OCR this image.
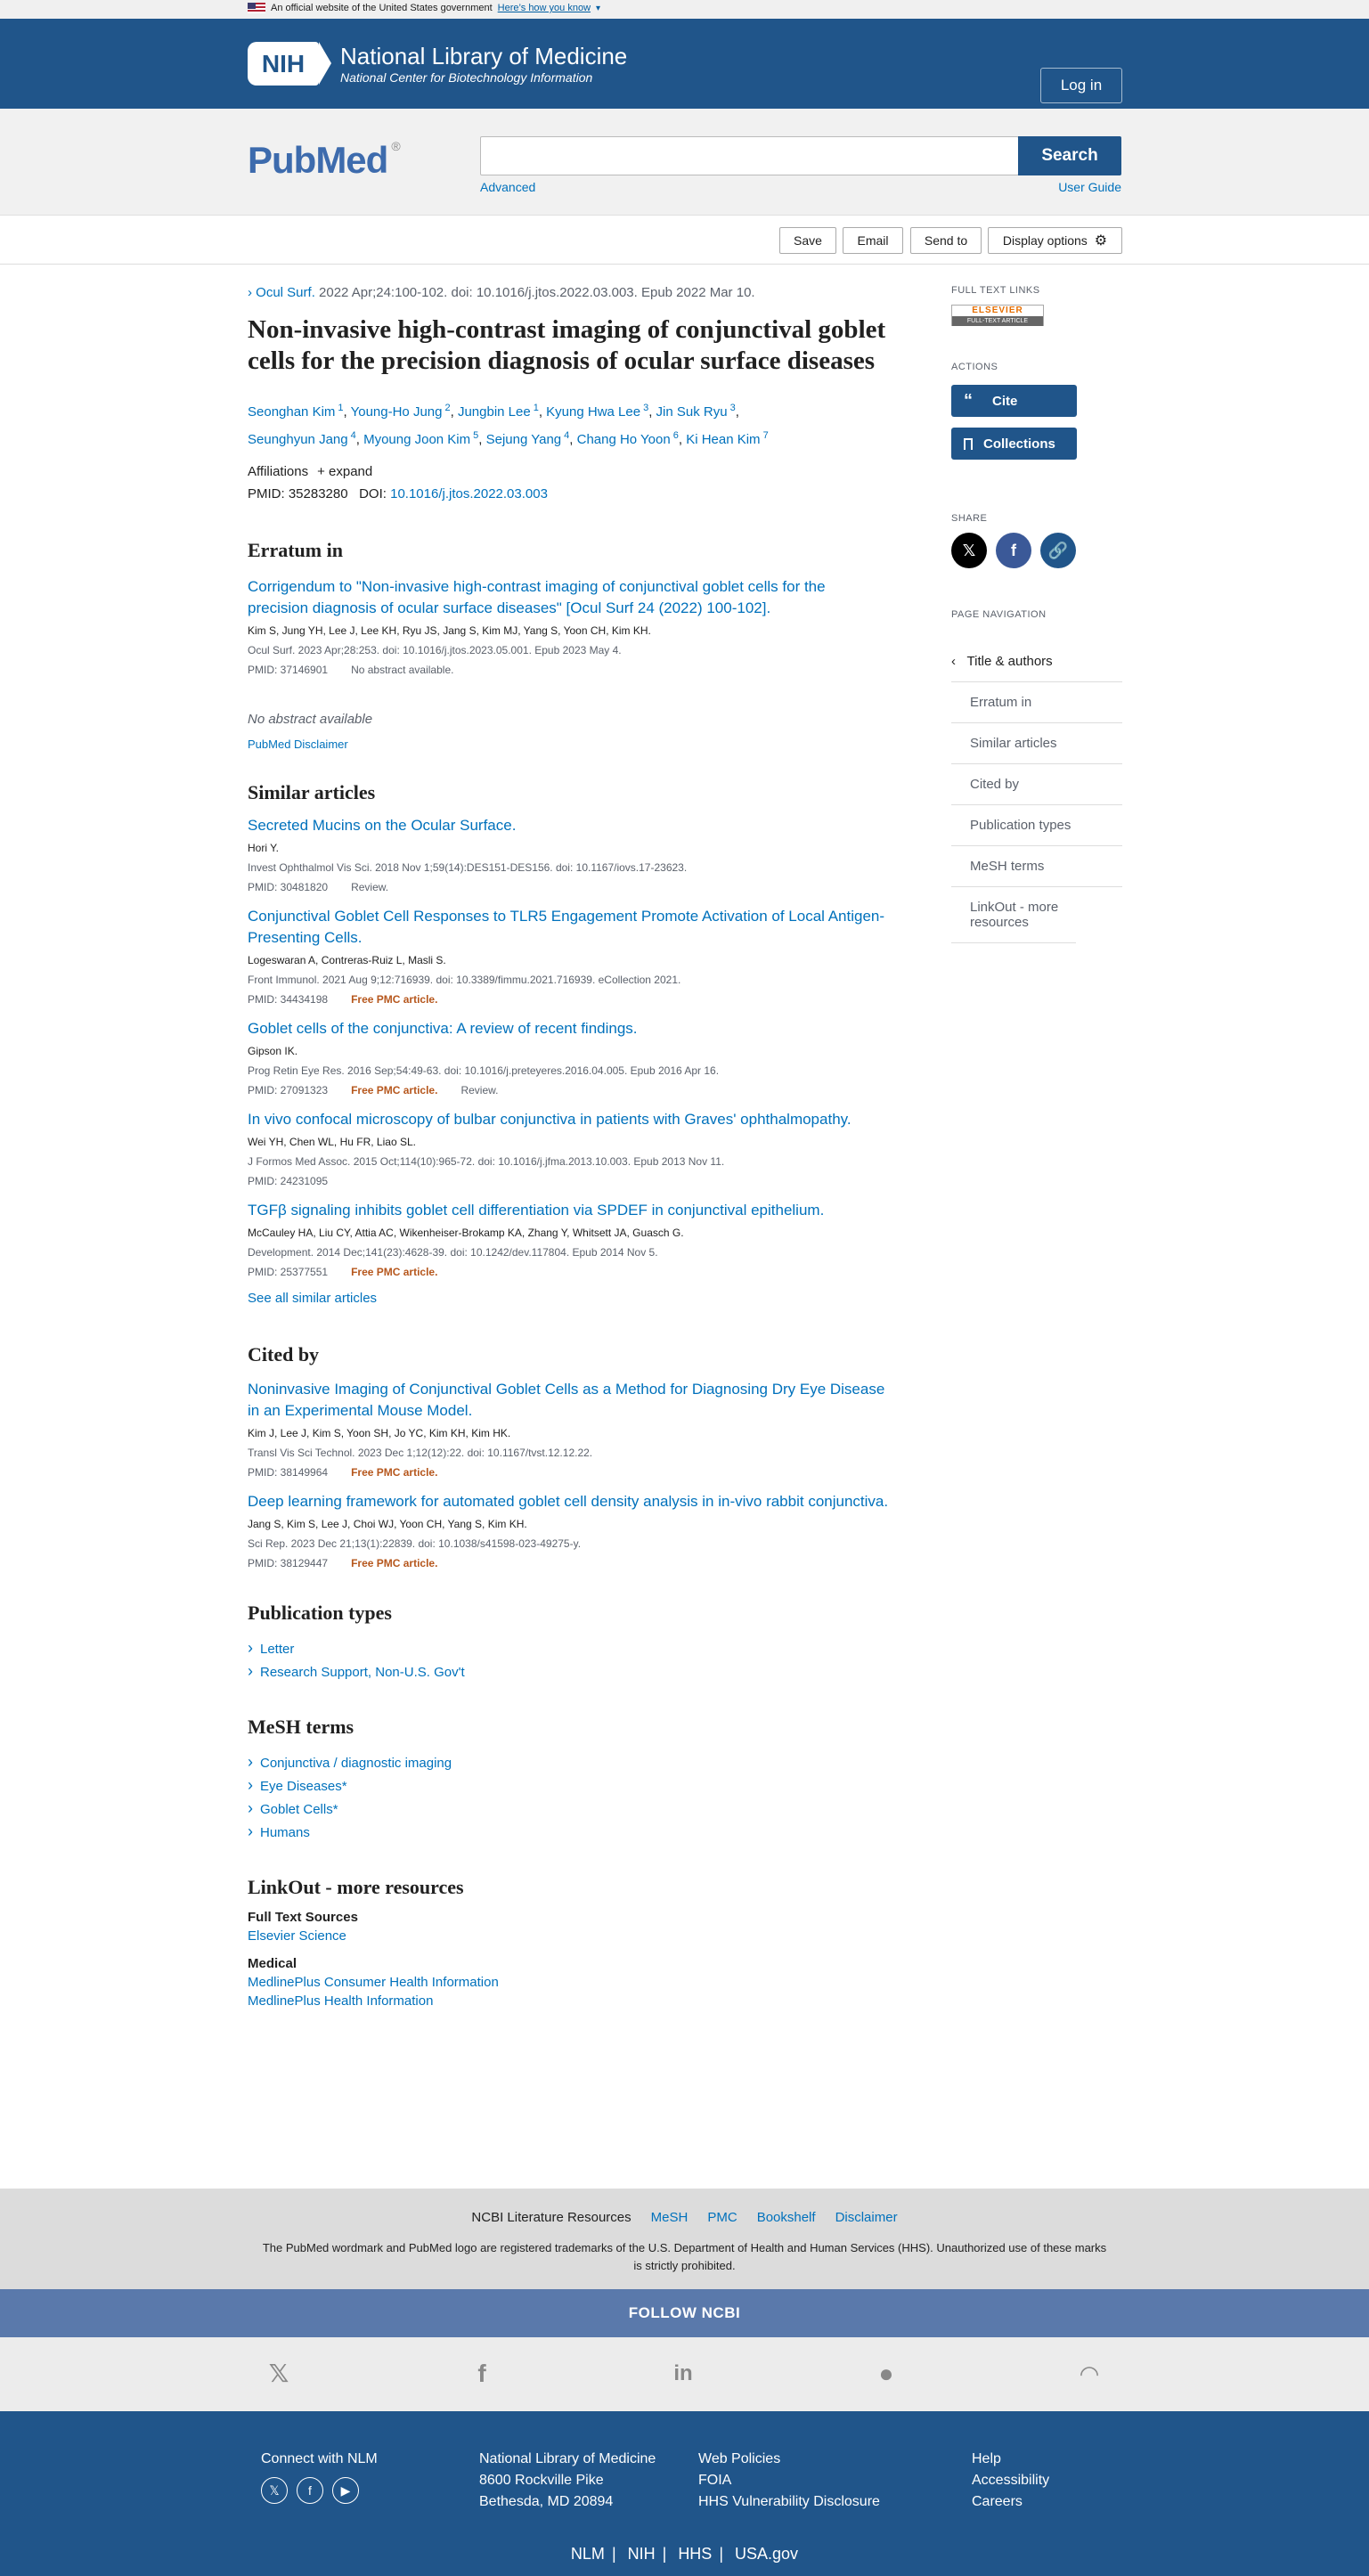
An official website of the United States government Here’s how you know ▾
NIH	National Library of Medicine
National Center for Biotechnology Information	Log in
PubMed ®	Search
Advanced	User Guide
Save	Email	Send to	Display options ⚙
› Ocul Surf. 2022 Apr;24:100-102. doi: 10.1016/j.jtos.2022.03.003. Epub 2022 Mar 10.
Non-invasive high-contrast imaging of conjunctival goblet cells for the precision diagnosis of ocular surface diseases
Seonghan Kim $^1$, Young-Ho Jung $^2$, Jungbin Lee $^1$, Kyung Hwa Lee $^3$, Jin Suk Ryu $^3$,
Seunghyun Jang $^4$, Myoung Joon Kim $^5$, Sejung Yang $^4$, Chang Ho Yoon $^6$, Ki Hean Kim $^7$
Affiliations + expand
PMID: 35283280 DOI: 10.1016/j.jtos.2022.03.003
Erratum in
Corrigendum to "Non-invasive high-contrast imaging of conjunctival goblet cells for the precision diagnosis of ocular surface diseases" [Ocul Surf 24 (2022) 100-102].
Kim S, Jung YH, Lee J, Lee KH, Ryu JS, Jang S, Kim MJ, Yang S, Yoon CH, Kim KH.
Ocul Surf. 2023 Apr;28:253. doi: 10.1016/j.jtos.2023.05.001. Epub 2023 May 4.
PMID: 37146901 No abstract available.
No abstract available
PubMed Disclaimer
Similar articles
Secreted Mucins on the Ocular Surface.
Hori Y.
Invest Ophthalmol Vis Sci. 2018 Nov 1;59(14):DES151-DES156. doi: 10.1167/iovs.17-23623.
PMID: 30481820 Review.
Conjunctival Goblet Cell Responses to TLR5 Engagement Promote Activation of Local Antigen-Presenting Cells.
Logeswaran A, Contreras-Ruiz L, Masli S.
Front Immunol. 2021 Aug 9;12:716939. doi: 10.3389/fimmu.2021.716939. eCollection 2021.
PMID: 34434198 Free PMC article.
Goblet cells of the conjunctiva: A review of recent findings.
Gipson IK.
Prog Retin Eye Res. 2016 Sep;54:49-63. doi: 10.1016/j.preteyeres.2016.04.005. Epub 2016 Apr 16.
PMID: 27091323 Free PMC article. Review.
In vivo confocal microscopy of bulbar conjunctiva in patients with Graves' ophthalmopathy.
Wei YH, Chen WL, Hu FR, Liao SL.
J Formos Med Assoc. 2015 Oct;114(10):965-72. doi: 10.1016/j.jfma.2013.10.003. Epub 2013 Nov 11.
PMID: 24231095
TGFβ signaling inhibits goblet cell differentiation via SPDEF in conjunctival epithelium.
McCauley HA, Liu CY, Attia AC, Wikenheiser-Brokamp KA, Zhang Y, Whitsett JA, Guasch G.
Development. 2014 Dec;141(23):4628-39. doi: 10.1242/dev.117804. Epub 2014 Nov 5.
PMID: 25377551 Free PMC article.
See all similar articles
Cited by
Noninvasive Imaging of Conjunctival Goblet Cells as a Method for Diagnosing Dry Eye Disease in an Experimental Mouse Model.
Kim J, Lee J, Kim S, Yoon SH, Jo YC, Kim KH, Kim HK.
Transl Vis Sci Technol. 2023 Dec 1;12(12):22. doi: 10.1167/tvst.12.12.22.
PMID: 38149964 Free PMC article.
Deep learning framework for automated goblet cell density analysis in in-vivo rabbit conjunctiva.
Jang S, Kim S, Lee J, Choi WJ, Yoon CH, Yang S, Kim KH.
Sci Rep. 2023 Dec 21;13(1):22839. doi: 10.1038/s41598-023-49275-y.
PMID: 38129447 Free PMC article.
Publication types
› Letter
› Research Support, Non-U.S. Gov't
MeSH terms
› Conjunctiva / diagnostic imaging
› Eye Diseases*
› Goblet Cells*
› Humans
LinkOut - more resources
Full Text Sources
Elsevier Science
Medical
MedlinePlus Consumer Health Information
MedlinePlus Health Information
FULL TEXT LINKS
ELSEVIER
FULL-TEXT ARTICLE
ACTIONS
“ Cite
Collections
SHARE
𝕏	f	🔗
PAGE NAVIGATION
‹ Title & authors
Erratum in
Similar articles
Cited by
Publication types
MeSH terms
LinkOut - more resources
NCBI Literature Resources MeSH PMC Bookshelf Disclaimer
The PubMed wordmark and PubMed logo are registered trademarks of the U.S. Department of Health and Human Services (HHS). Unauthorized use of these marks is strictly prohibited.
FOLLOW NCBI
𝕏	f	in	●	◠
Connect with NLM
𝕏	f	▶
National Library of Medicine
8600 Rockville Pike
Bethesda, MD 20894
Web Policies
FOIA
HHS Vulnerability Disclosure
Help
Accessibility
Careers
NLM | NIH | HHS | USA.gov
